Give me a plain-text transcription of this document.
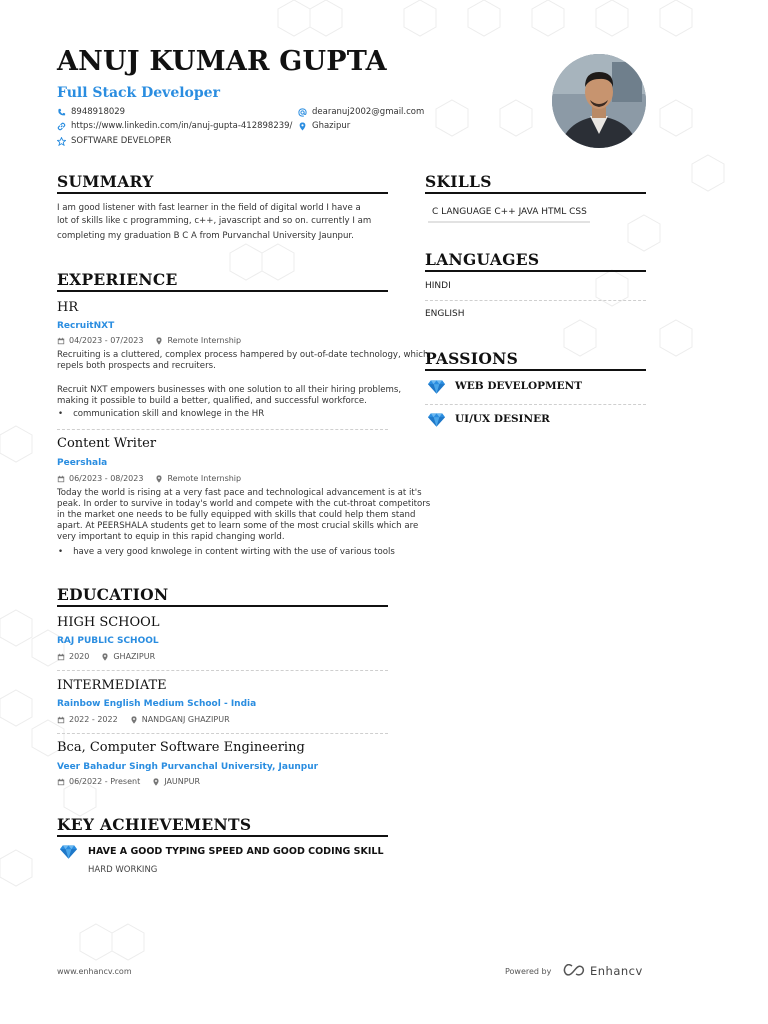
ANUJ KUMAR GUPTA
Full Stack Developer
8948918029
https://www.linkedin.com/in/anuj-gupta-412898239/
SOFTWARE DEVELOPER
dearanuj2002@gmail.com
Ghazipur
SUMMARY
I am good listener with fast learner in the field of digital world I have a
lot of skills like c programming, c++, javascript and so on. currently I am
completing my graduation B C A from Purvanchal University Jaunpur.
EXPERIENCE
HR
RecruitNXT
04/2023 - 07/2023	Remote Internship
Recruiting is a cluttered, complex process hampered by out-of-date technology, which
repels both prospects and recruiters.
Recruit NXT empowers businesses with one solution to all their hiring problems,
making it possible to build a better, qualified, and successful workforce.
• communication skill and knowlege in the HR
Content Writer
Peershala
06/2023 - 08/2023	Remote Internship
Today the world is rising at a very fast pace and technological advancement is at it's
peak. In order to survive in today's world and compete with the cut-throat competitors
in the market one needs to be fully equipped with skills that could help them stand
apart. At PEERSHALA students get to learn some of the most crucial skills which are
very important to equip in this rapid changing world.
• have a very good knwolege in content wirting with the use of various tools
EDUCATION
HIGH SCHOOL
RAJ PUBLIC SCHOOL
2020	GHAZIPUR
INTERMEDIATE
Rainbow English Medium School - India
2022 - 2022	NANDGANJ GHAZIPUR
Bca, Computer Software Engineering
Veer Bahadur Singh Purvanchal University, Jaunpur
06/2022 - Present	JAUNPUR
KEY ACHIEVEMENTS
HAVE A GOOD TYPING SPEED AND GOOD CODING SKILL
HARD WORKING
SKILLS
C LANGUAGE C++ JAVA HTML CSS
LANGUAGES
HINDI
ENGLISH
PASSIONS
WEB DEVELOPMENT
UI/UX DESINER
www.enhancv.com	Powered by	Enhancv
